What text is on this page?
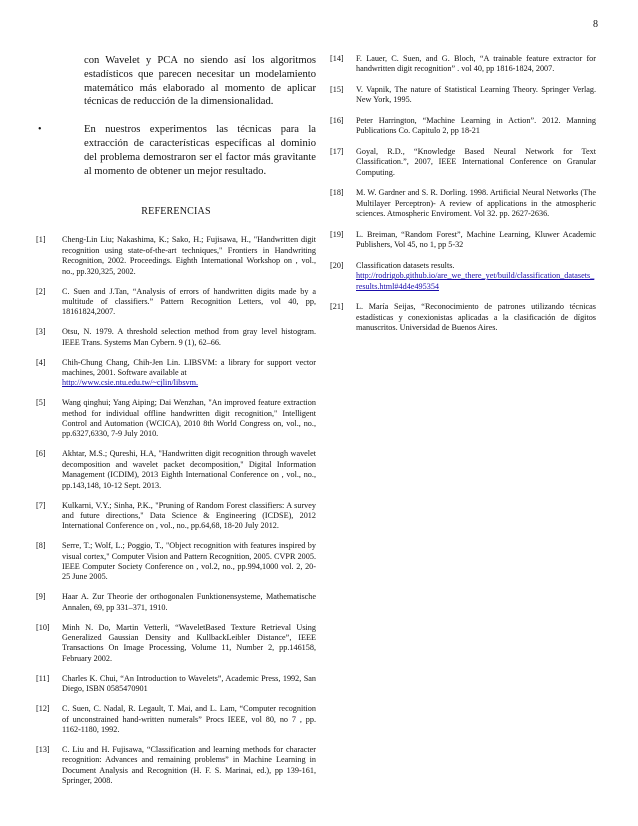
8

con Wavelet y PCA no siendo así los algoritmos estadísticos que parecen necesitar un modelamiento matemático más elaborado al momento de aplicar técnicas de reducción de la dimensionalidad.

•	En nuestros experimentos las técnicas para la extracción de características específicas al dominio del problema demostraron ser el factor más gravitante al momento de obtener un mejor resultado.

REFERENCIAS
[1]	Cheng-Lin Liu; Nakashima, K.; Sako, H.; Fujisawa, H., "Handwritten digit recognition using state-of-the-art techniques," Frontiers in Handwriting Recognition, 2002. Proceedings. Eighth International Workshop on , vol., no., pp.320,325, 2002.
[2]	C. Suen and J.Tan, “Analysis of errors of handwritten digits made by a multitude of classifiers.” Pattern Recognition Letters, vol 40, pp, 18161824,2007.
[3]	Otsu, N. 1979. A threshold selection method from gray level histogram. IEEE Trans. Systems Man Cybern. 9 (1), 62–66.
[4]	Chih-Chung Chang, Chih-Jen Lin. LIBSVM: a library for support vector machines, 2001. Software available at
http://www.csie.ntu.edu.tw/~cjlin/libsvm.
[5]	Wang qinghui; Yang Aiping; Dai Wenzhan, "An improved feature extraction method for individual offline handwritten digit recognition," Intelligent Control and Automation (WCICA), 2010 8th World Congress on, vol., no., pp.6327,6330, 7-9 July 2010.
[6]	Akhtar, M.S.; Qureshi, H.A, "Handwritten digit recognition through wavelet decomposition and wavelet packet decomposition," Digital Information Management (ICDIM), 2013 Eighth International Conference on , vol., no., pp.143,148, 10-12 Sept. 2013.
[7]	Kulkarni, V.Y.; Sinha, P.K., "Pruning of Random Forest classifiers: A survey and future directions," Data Science & Engineering (ICDSE), 2012 International Conference on , vol., no., pp.64,68, 18-20 July 2012.
[8]	Serre, T.; Wolf, L.; Poggio, T., "Object recognition with features inspired by visual cortex," Computer Vision and Pattern Recognition, 2005. CVPR 2005. IEEE Computer Society Conference on , vol.2, no., pp.994,1000 vol. 2, 20-25 June 2005.
[9]	Haar A. Zur Theorie der orthogonalen Funktionensysteme, Mathematische Annalen, 69, pp 331–371, 1910.
[10]	Minh N. Do, Martin Vetterli, “WaveletBased Texture Retrieval Using Generalized Gaussian Density and KullbackLeibler Distance”, IEEE Transactions On Image Processing, Volume 11, Number 2, pp.146158, February 2002.
[11]	Charles K. Chui, “An Introduction to Wavelets”, Academic Press, 1992, San Diego, ISBN 0585470901
[12]	C. Suen, C. Nadal, R. Legault, T. Mai, and L. Lam, “Computer recognition of unconstrained hand-written numerals” Procs IEEE, vol 80, no 7 , pp. 1162-1180, 1992.
[13]	C. Liu and H. Fujisawa, “Classification and learning methods for character recognition: Advances and remaining problems” in Machine Learning in Document Analysis and Recognition (H. F. S. Marinai, ed.), pp 139-161, Springer, 2008.
[14]	F. Lauer, C. Suen, and G. Bloch, “A trainable feature extractor for handwritten digit recognition” . vol 40, pp 1816-1824, 2007.
[15]	V. Vapnik, The nature of Statistical Learning Theory. Springer Verlag. New York, 1995.
[16]	Peter Harrington, “Machine Learning in Action”. 2012. Manning Publications Co. Capitulo 2, pp 18-21
[17]	Goyal, R.D., “Knowledge Based Neural Network for Text Classification.”, 2007, IEEE International Conference on Granular Computing.
[18]	M. W. Gardner and S. R. Dorling. 1998. Artificial Neural Networks (The Multilayer Perceptron)- A review of applications in the atmospheric sciences. Atmospheric Enviroment. Vol 32. pp. 2627-2636.
[19]	L. Breiman, “Random Forest”, Machine Learning, Kluwer Academic Publishers, Vol 45, no 1, pp 5-32
[20]	Classification datasets results.
http://rodrigob.github.io/are_we_there_yet/build/classification_datasets_results.html#4d4e495354
[21]	L. María Seijas, “Reconocimiento de patrones utilizando técnicas estadísticas y conexionistas aplicadas a la clasificación de dígitos manuscritos. Universidad de Buenos Aires.
